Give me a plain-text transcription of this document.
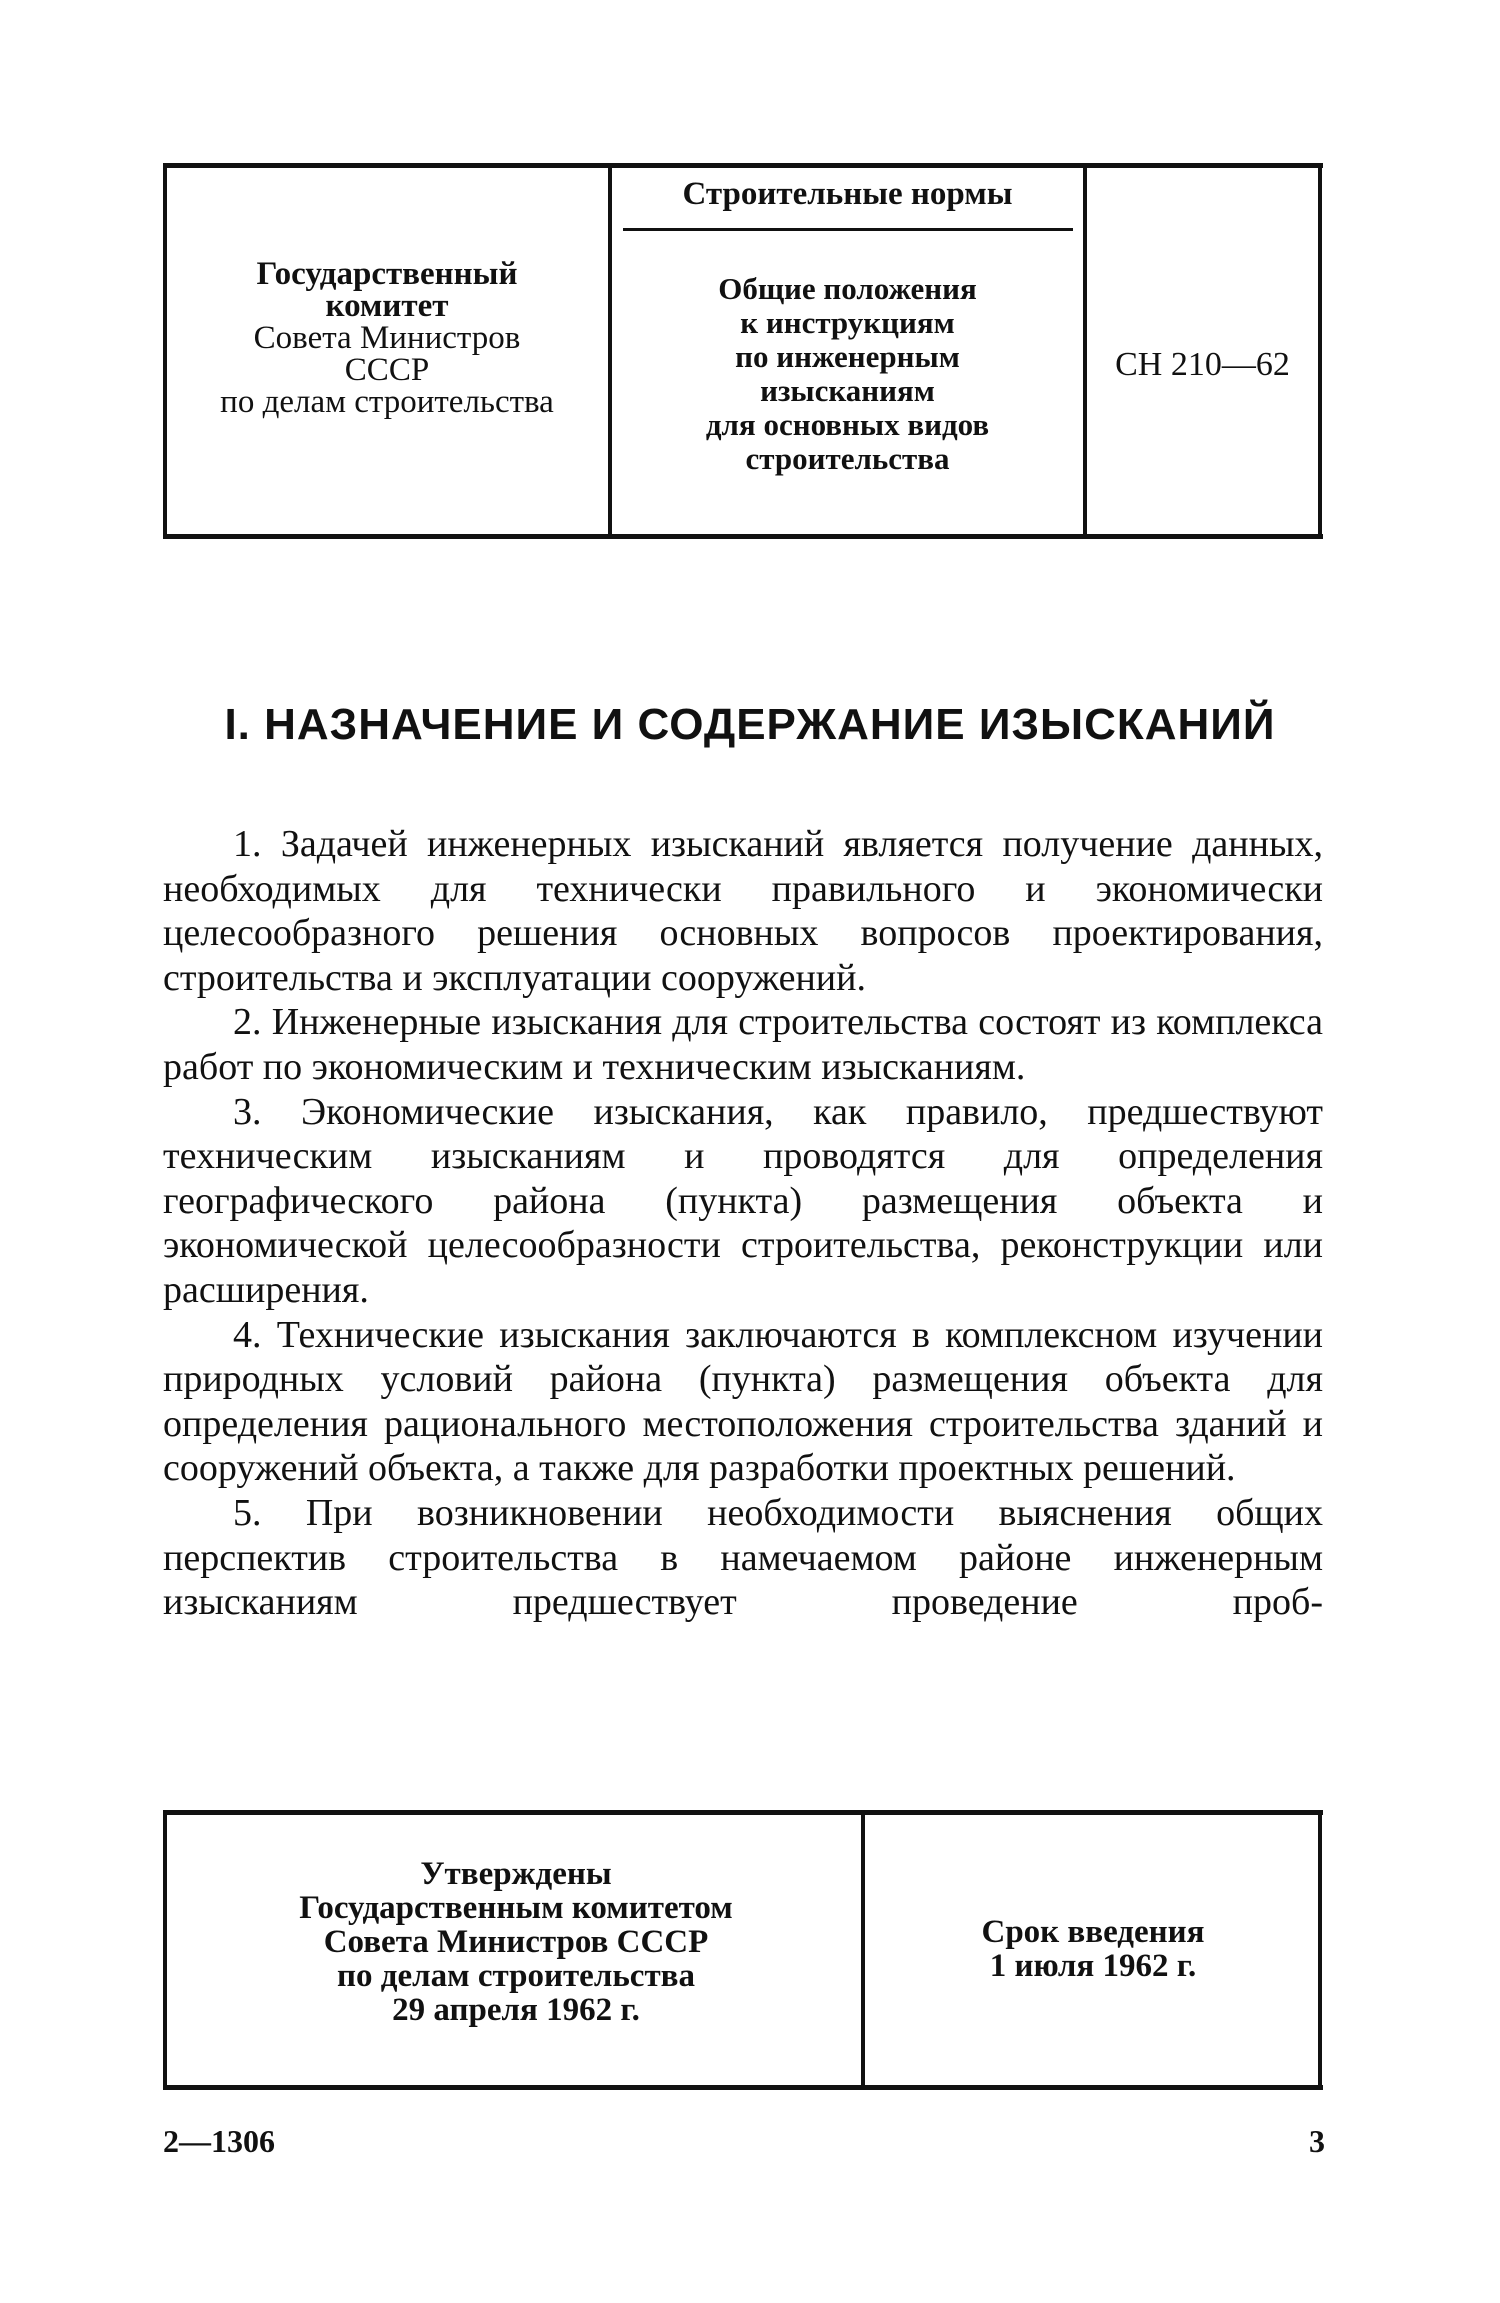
Государственный
комитет
Совета Министров
СССР
по делам строительства
Строительные нормы
Общие положения
к инструкциям
по инженерным
изысканиям
для основных видов
строительства
СН 210—62
I. НАЗНАЧЕНИЕ И СОДЕРЖАНИЕ ИЗЫСКАНИЙ

1. Задачей инженерных изысканий является получение данных, необходимых для технически правильного и экономически целесообразного решения основных вопросов проектирования, строительства и эксплуатации сооружений.

2. Инженерные изыскания для строительства состоят из комплекса работ по экономическим и техническим изысканиям.

3. Экономические изыскания, как правило, предшествуют техническим изысканиям и проводятся для определения географического района (пункта) размещения объекта и экономической целесообразности строительства, реконструкции или расширения.

4. Технические изыскания заключаются в комплексном изучении природных условий района (пункта) размещения объекта для определения рационального местоположения строительства зданий и сооружений объекта, а также для разработки проектных решений.

5. При возникновении необходимости выяснения общих перспектив строительства в намечаемом районе инженерным изысканиям предшествует проведение проб-

Утверждены
Государственным комитетом
Совета Министров СССР
по делам строительства
29 апреля 1962 г.
Срок введения
1 июля 1962 г.
2—1306	3
